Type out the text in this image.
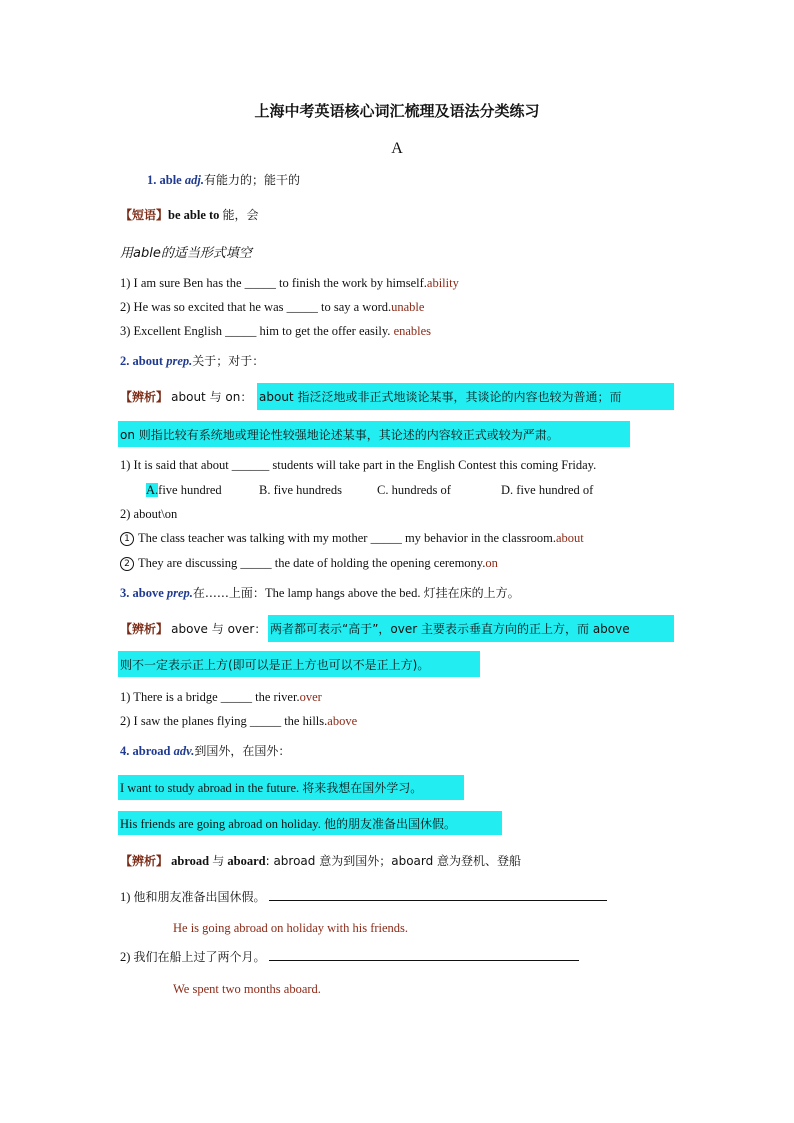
上海中考英语核心词汇梳理及语法分类练习
A
1. able adj.有能力的；能干的
【短语】be able to 能，会
用able的适当形式填空
1) I am sure Ben has the _____ to finish the work by himself.ability
2) He was so excited that he was _____ to say a word.unable
3) Excellent English _____ him to get the offer easily. enables
2. about prep.关于；对于：
【辨析】 about 与 on： about 指泛泛地或非正式地谈论某事，其谈论的内容也较为普通；而
on 则指比较有系统地或理论性较强地论述某事，其论述的内容较正式或较为严肃。
1) It is said that about ______ students will take part in the English Contest this coming Friday.
A.five hundred	B. five hundreds	C. hundreds of	D. five hundred of
2) about\on
1 The class teacher was talking with my mother _____ my behavior in the classroom.about
2 They are discussing _____ the date of holding the opening ceremony.on
3. above prep.在……上面：The lamp hangs above the bed. 灯挂在床的上方。
【辨析】 above 与 over： 两者都可表示“高于”，over 主要表示垂直方向的正上方，而 above
则不一定表示正上方(即可以是正上方也可以不是正上方)。
1) There is a bridge _____ the river.over
2) I saw the planes flying _____ the hills.above
4. abroad adv.到国外，在国外：
I want to study abroad in the future. 将来我想在国外学习。
His friends are going abroad on holiday. 他的朋友准备出国休假。
【辨析】 abroad 与 aboard: abroad 意为到国外；aboard 意为登机、登船
1) 他和朋友准备出国休假。
He is going abroad on holiday with his friends.
2) 我们在船上过了两个月。
We spent two months aboard.
